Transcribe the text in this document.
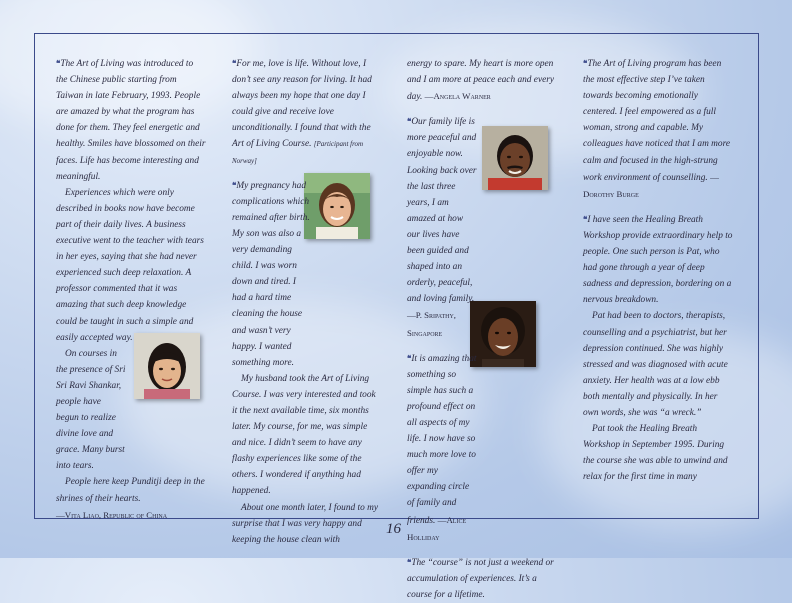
❝The Art of Living was introduced to the Chinese public starting from Taiwan in late February, 1993. People are amazed by what the program has done for them. They feel energetic and healthy. Smiles have blossomed on their faces. Life has become interesting and meaningful.

Experiences which were only described in books now have become part of their daily lives. A business executive went to the teacher with tears in her eyes, saying that she had never experienced such deep relaxation. A professor commented that it was amazing that such deep knowledge could be taught in such a simple and easily accepted way.

On courses in the presence of Sri Sri Ravi Shankar, people have begun to realize divine love and grace. Many burst into tears.

People here keep Punditji deep in the shrines of their hearts.

—Vita Liao, Republic of China

❝For me, love is life. Without love, I don’t see any reason for living. It had always been my hope that one day I could give and receive love unconditionally. I found that with the Art of Living Course. [Participant from Norway]

❝My pregnancy had complications which remained after birth. My son was also a very demanding child. I was worn down and tired. I had a hard time cleaning the house and wasn’t very happy. I wanted something more.

My husband took the Art of Living Course. I was very interested and took it the next available time, six months later. My course, for me, was simple and nice. I didn’t seem to have any flashy experiences like some of the others. I wondered if anything had happened.

About one month later, I found to my surprise that I was very happy and keeping the house clean with

energy to spare. My heart is more open and I am more at peace each and every day. —Angela Warner

❝Our family life is more peaceful and enjoyable now. Looking back over the last three years, I am amazed at how our lives have been guided and shaped into an orderly, peaceful, and loving family. —P. Sripathy, Singapore

❝It is amazing that something so simple has such a profound effect on all aspects of my life. I now have so much more love to offer my expanding circle of family and friends. —Alice Holliday

❝The “course” is not just a weekend or accumulation of experiences. It’s a course for a lifetime.

❝The Art of Living program has been the most effective step I’ve taken towards becoming emotionally centered. I feel empowered as a full woman, strong and capable. My colleagues have noticed that I am more calm and focused in the high-strung work environment of counselling. —Dorothy Burge

❝I have seen the Healing Breath Workshop provide extraordinary help to people. One such person is Pat, who had gone through a year of deep sadness and depression, bordering on a nervous breakdown.

Pat had been to doctors, therapists, counselling and a psychiatrist, but her depression continued. She was highly stressed and was diagnosed with acute anxiety. Her health was at a low ebb both mentally and physically. In her own words, she was “a wreck.”

Pat took the Healing Breath Workshop in September 1995. During the course she was able to unwind and relax for the first time in many

16
